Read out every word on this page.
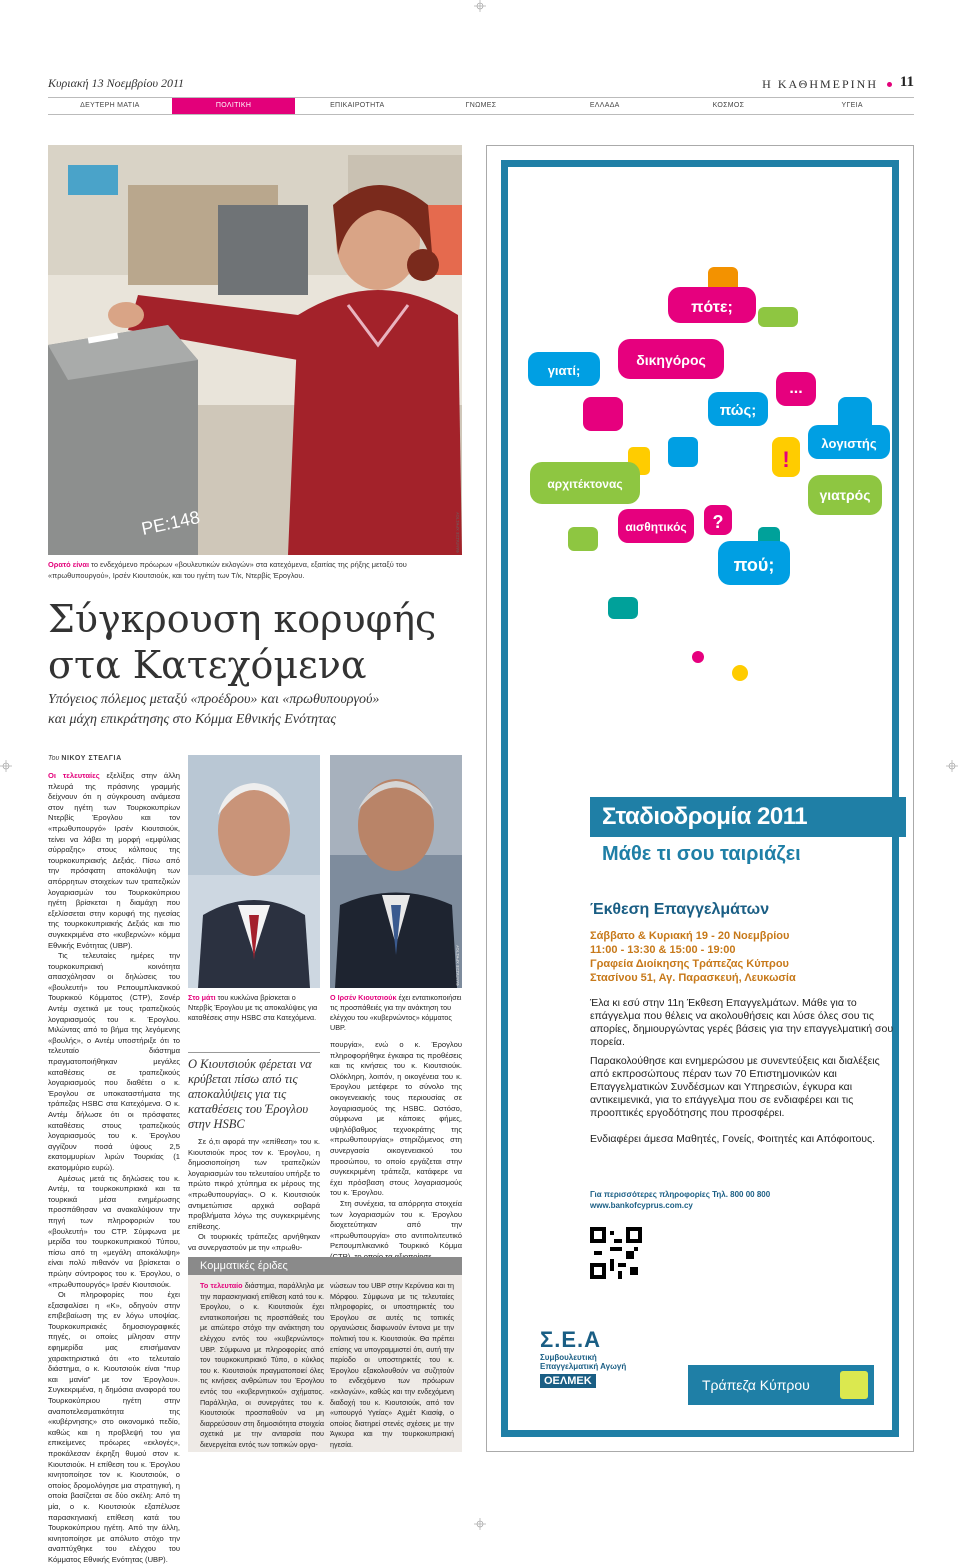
Κυριακή 13 Νοεμβρίου 2011	Η ΚΑΘΗΜΕΡΙΝΗ 11
ΔΕΥΤΕΡΗ ΜΑΤΙΑ	ΠΟΛΙΤΙΚΗ	ΕΠΙΚΑΙΡΟΤΗΤΑ	ΓΝΩΜΕΣ	ΕΛΛΑΔΑ	ΚΟΣΜΟΣ	ΥΓΕΙΑ
ΡΕ:148	ΦΑΝΤΑΣΣΕ ΧΡΗΣΤΟΥ
Ορατό είναι το ενδεχόμενο πρόωρων «βουλευτικών εκλογών» στα κατεχόμενα, εξαιτίας της ρήξης μεταξύ του «πρωθυπουργού», Ιρσέν Κιουτσιούκ, και του ηγέτη των Τ/κ, Ντερβίς Έρογλου.
Σύγκρουση κορυφής
στα Κατεχόμενα
Υπόγειος πόλεμος μεταξύ «προέδρου» και «πρωθυπουργού»
και μάχη επικράτησης στο Κόμμα Εθνικής Ενότητας
Του ΝΙΚΟΥ ΣΤΕΛΓΙΑ

Οι τελευταίες εξελίξεις στην άλλη πλευρά της πράσινης γραμμής δείχνουν ότι η σύγκρουση ανάμεσα στον ηγέτη των Τουρκοκυπρίων Ντερβίς Έρογλου και τον «πρωθυπουργό» Ιρσέν Κιουτσιούκ, τείνει να λάβει τη μορφή «εμφύλιας σύρραξης» στους κόλπους της τουρκοκυπριακής Δεξιάς. Πίσω από την πρόσφατη αποκάλυψη των απόρρητων στοιχείων των τραπεζικών λογαριασμών του Τουρκοκύπριου ηγέτη βρίσκεται η διαμάχη που εξελίσσεται στην κορυφή της ηγεσίας της τουρκοκυπριακής Δεξιάς και πιο συγκεκριμένα στο «κυβερνών» κόμμα Εθνικής Ενότητας (UBP).

Τις τελευταίες ημέρες την τουρκοκυπριακή κοινότητα απασχόλησαν οι δηλώσεις του «βουλευτή» του Ρεπουμπλικανικού Τουρκικού Κόμματος (CTP), Σονέρ Αντέμ σχετικά με τους τραπεζικούς λογαριασμούς του κ. Έρογλου. Μιλώντας από το βήμα της λεγόμενης «βουλής», ο Αντέμ υποστήριξε ότι το τελευταίο διάστημα πραγματοποιήθηκαν μεγάλες καταθέσεις σε τραπεζικούς λογαριασμούς που διαθέτει ο κ. Έρογλου σε υποκαταστήματα της τράπεζας HSBC στα Κατεχόμενα. Ο κ. Αντέμ δήλωσε ότι οι πρόσφατες καταθέσεις στους τραπεζικούς λογαριασμούς του κ. Έρογλου αγγίζουν ποσά ύψους 2,5 εκατομμυρίων λιρών Τουρκίας (1 εκατομμύριο ευρώ).

Αμέσως μετά τις δηλώσεις του κ. Αντέμ, τα τουρκοκυπριακά και τα τουρκικά μέσα ενημέρωσης προσπάθησαν να ανακαλύψουν την πηγή των πληροφοριών του «βουλευτή» του CTP. Σύμφωνα με μερίδα του τουρκοκυπριακού Τύπου, πίσω από τη «μεγάλη αποκάλυψη» είναι πολύ πιθανόν να βρίσκεται ο πρώην σύντροφος του κ. Έρογλου, ο «πρωθυπουργός» Ιρσέν Κιουτσιούκ.

Οι πληροφορίες που έχει εξασφαλίσει η «Κ», οδηγούν στην επιβεβαίωση της εν λόγω υποψίας. Τουρκοκυπριακές δημοσιογραφικές πηγές, οι οποίες μίλησαν στην εφημερίδα μας επισήμαναν χαρακτηριστικά ότι «το τελευταίο διάστημα, ο κ. Κιουτσιούκ είναι “πυρ και μανία” με τον Έρογλου». Συγκεκριμένα, η δημόσια αναφορά του Τουρκοκύπριου ηγέτη στην αναποτελεσματικότητα της «κυβέρνησης» στο οικονομικό πεδίο, καθώς και η προβλεψή του για επικείμενες πρόωρες «εκλογές», προκάλεσαν έκρηξη θυμού στον κ. Κιουτσιούκ. Η επίθεση του κ. Έρογλου κινητοποίησε τον κ. Κιουτσιούκ, ο οποίος δρομολόγησε μια στρατηγική, η οποία βασίζεται σε δύο σκέλη: Από τη μία, ο κ. Κιουτσιούκ εξαπέλυσε παρασκηνιακή επίθεση κατά του Τουρκοκύπριου ηγέτη. Από την άλλη, κινητοποίησε με απόλυτο στόχο την αναπτύχθηκε του ελέγχου του Κόμματος Εθνικής Ενότητας (UBP).

Στο μάτι του κυκλώνα βρίσκεται ο Ντερβίς Έρογλου με τις αποκαλύψεις για καταθέσεις στην HSBC στα Κατεχόμενα.
ΦΑΝΤΑΣΣΕ ΧΡΗΣΤΟΥ
Ο Ιρσέν Κιουτσιούκ έχει εντατικοποιήσει τις προσπάθειές για την ανάκτηση του ελέγχου του «κυβερνώντος» κόμματος UBP.
Ο Κιουτσιούκ φέρεται να κρύβεται πίσω από τις αποκαλύψεις για τις καταθέσεις του Έρογλου στην HSBC

Σε ό,τι αφορά την «επίθεση» του κ. Κιουτσιούκ προς τον κ. Έρογλου, η δημοσιοποίηση των τραπεζικών λογαριασμών του τελευταίου υπήρξε το πρώτο πικρό χτύπημα εκ μέρους της «πρωθυπουργίας». Ο κ. Κιουτσιούκ αντιμετώπισε αρχικά σοβαρά προβλήματα λόγω της συγκεκριμένης επίθεσης.

Οι τουρκικές τράπεζες αρνήθηκαν να συνεργαστούν με την «πρωθυ-

πουργία», ενώ ο κ. Έρογλου πληροφορήθηκε έγκαιρα τις προθέσεις και τις κινήσεις του κ. Κιουτσιούκ. Ολόκληρη, λοιπόν, η οικογένεια του κ. Έρογλου μετέφερε το σύνολο της οικογενειακής τους περιουσίας σε λογαριασμούς της HSBC. Ωστόσο, σύμφωνα με κάποιες φήμες, υψηλόβαθμος τεχνοκράτης της «πρωθυπουργίας» στηριζόμενος στη συνεργασία οικογενειακού του προσώπου, το οποίο εργάζεται στην συγκεκριμένη τράπεζα, κατάφερε να έχει πρόσβαση στους λογαριασμούς του κ. Έρογλου.

Στη συνέχεια, τα απόρρητα στοιχεία των λογαριασμών του κ. Έρογλου διοχετεύτηκαν από την «πρωθυπουργία» στο αντιπολιτευτικό Ρεπουμπλικανικό Τουρκικό Κόμμα

Κομματικές έριδες
Το τελευταίο διάστημα, παράλληλα με την παρασκηνιακή επίθεση κατά του κ. Έρογλου, ο κ. Κιουτσιούκ έχει εντατικοποιήσει τις προσπάθειές του με απώτερο στόχο την ανάκτηση του ελέγχου εντός του «κυβερνώντος» UBP. Σύμφωνα με πληροφορίες από τον τουρκοκυπριακό Τύπο, ο κύκλος του κ. Κιουτσιούκ πραγματοποιεί όλες τις κινήσεις ανθρώπων του Έρογλου εντός του «κυβερνητικού» σχήματος. Παράλληλα, οι συνεργάτες του κ. Κιουτσιούκ προσπαθούν να μη διαρρεύσουν στη δημοσιότητα στοιχεία σχετικά με την ανταρσία που διενεργείται εντός των τοπικών οργα-
νώσεων του UBP στην Κερύνεια και τη Μόρφου. Σύμφωνα με τις τελευταίες πληροφορίες, οι υποστηρικτές του Έρογλου σε αυτές τις τοπικές οργανώσεις διαφωνούν έντονα με την πολιτική του κ. Κιουτσιούκ. Θα πρέπει επίσης να υπογραμμιστεί ότι, αυτή την περίοδο οι υποστηρικτές του κ. Έρογλου εξακολουθούν να συζητούν το ενδεχόμενο των πρόωρων «εκλογών», καθώς και την ενδεχόμενη διαδοχή του κ. Κιουτσιούκ, από τον «υπουργό Υγείας» Αχμέτ Κιασίφ, ο οποίος διατηρεί στενές σχέσεις με την Άγκυρα και την τουρκοκυπριακή ηγεσία.
πότε;
γιατί;
δικηγόρος
πώς;
...
λογιστής
!
αρχιτέκτονας
γιατρός
αισθητικός ?
πού;
Σταδιοδρομία 2011
Μάθε τι σου ταιριάζει
Έκθεση Επαγγελμάτων
Σάββατο & Κυριακή 19 - 20 Νοεμβρίου
11:00 - 13:30 & 15:00 - 19:00
Γραφεία Διοίκησης Τράπεζας Κύπρου
Στασίνου 51, Αγ. Παρασκευή, Λευκωσία
Έλα κι εσύ στην 11η Έκθεση Επαγγελμάτων. Μάθε για το επάγγελμα που θέλεις να ακολουθήσεις και λύσε όλες σου τις απορίες, δημιουργώντας γερές βάσεις για την επαγγελματική σου πορεία.
Παρακολούθησε και ενημερώσου με συνεντεύξεις και διαλέξεις από εκπροσώπους πέραν των 70 Επιστημονικών και Επαγγελματικών Συνδέσμων και Υπηρεσιών, έγκυρα και αντικειμενικά, για το επάγγελμα που σε ενδιαφέρει και τις προοπτικές εργοδότησης που προσφέρει.
Ενδιαφέρει άμεσα Μαθητές, Γονείς, Φοιτητές και Απόφοιτους.
Για περισσότερες πληροφορίες Τηλ. 800 00 800
www.bankofcyprus.com.cy
Σ.Ε.Α
Συμβουλευτική Επαγγελματική Αγωγή
ΟΕΛΜΕΚ	Τράπεζα Κύπρου
